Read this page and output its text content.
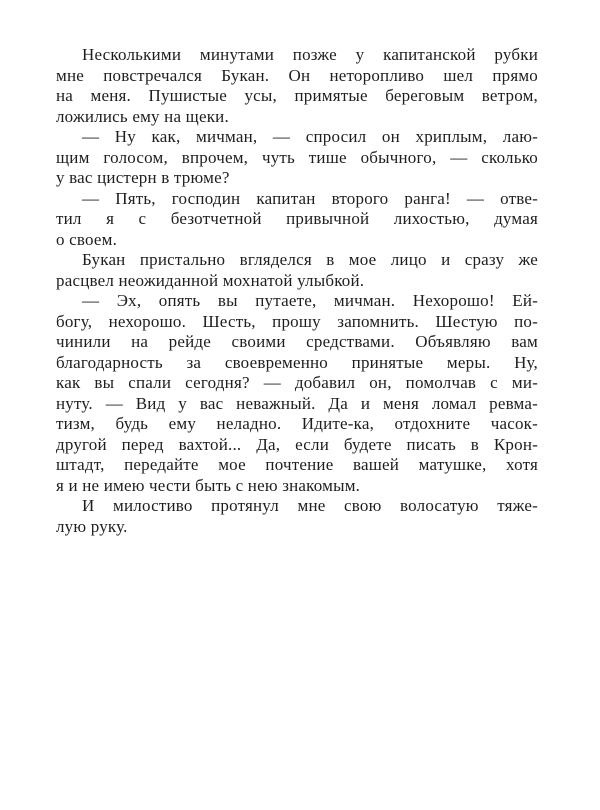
Несколькими минутами позже у капитанской рубки
мне повстречался Букан. Он неторопливо шел прямо
на меня. Пушистые усы, примятые береговым ветром,
ложились ему на щеки.
— Ну как, мичман, — спросил он хриплым, лаю-
щим голосом, впрочем, чуть тише обычного, — сколько
у вас цистерн в трюме?
— Пять, господин капитан второго ранга! — отве-
тил я с безотчетной привычной лихостью, думая
о своем.
Букан пристально вгляделся в мое лицо и сразу же
расцвел неожиданной мохнатой улыбкой.
— Эх, опять вы путаете, мичман. Нехорошо! Ей-
богу, нехорошо. Шесть, прошу запомнить. Шестую по-
чинили на рейде своими средствами. Объявляю вам
благодарность за своевременно принятые меры. Ну,
как вы спали сегодня? — добавил он, помолчав с ми-
нуту. — Вид у вас неважный. Да и меня ломал ревма-
тизм, будь ему неладно. Идите-ка, отдохните часок-
другой перед вахтой... Да, если будете писать в Крон-
штадт, передайте мое почтение вашей матушке, хотя
я и не имею чести быть с нею знакомым.
И милостиво протянул мне свою волосатую тяже-
лую руку.
